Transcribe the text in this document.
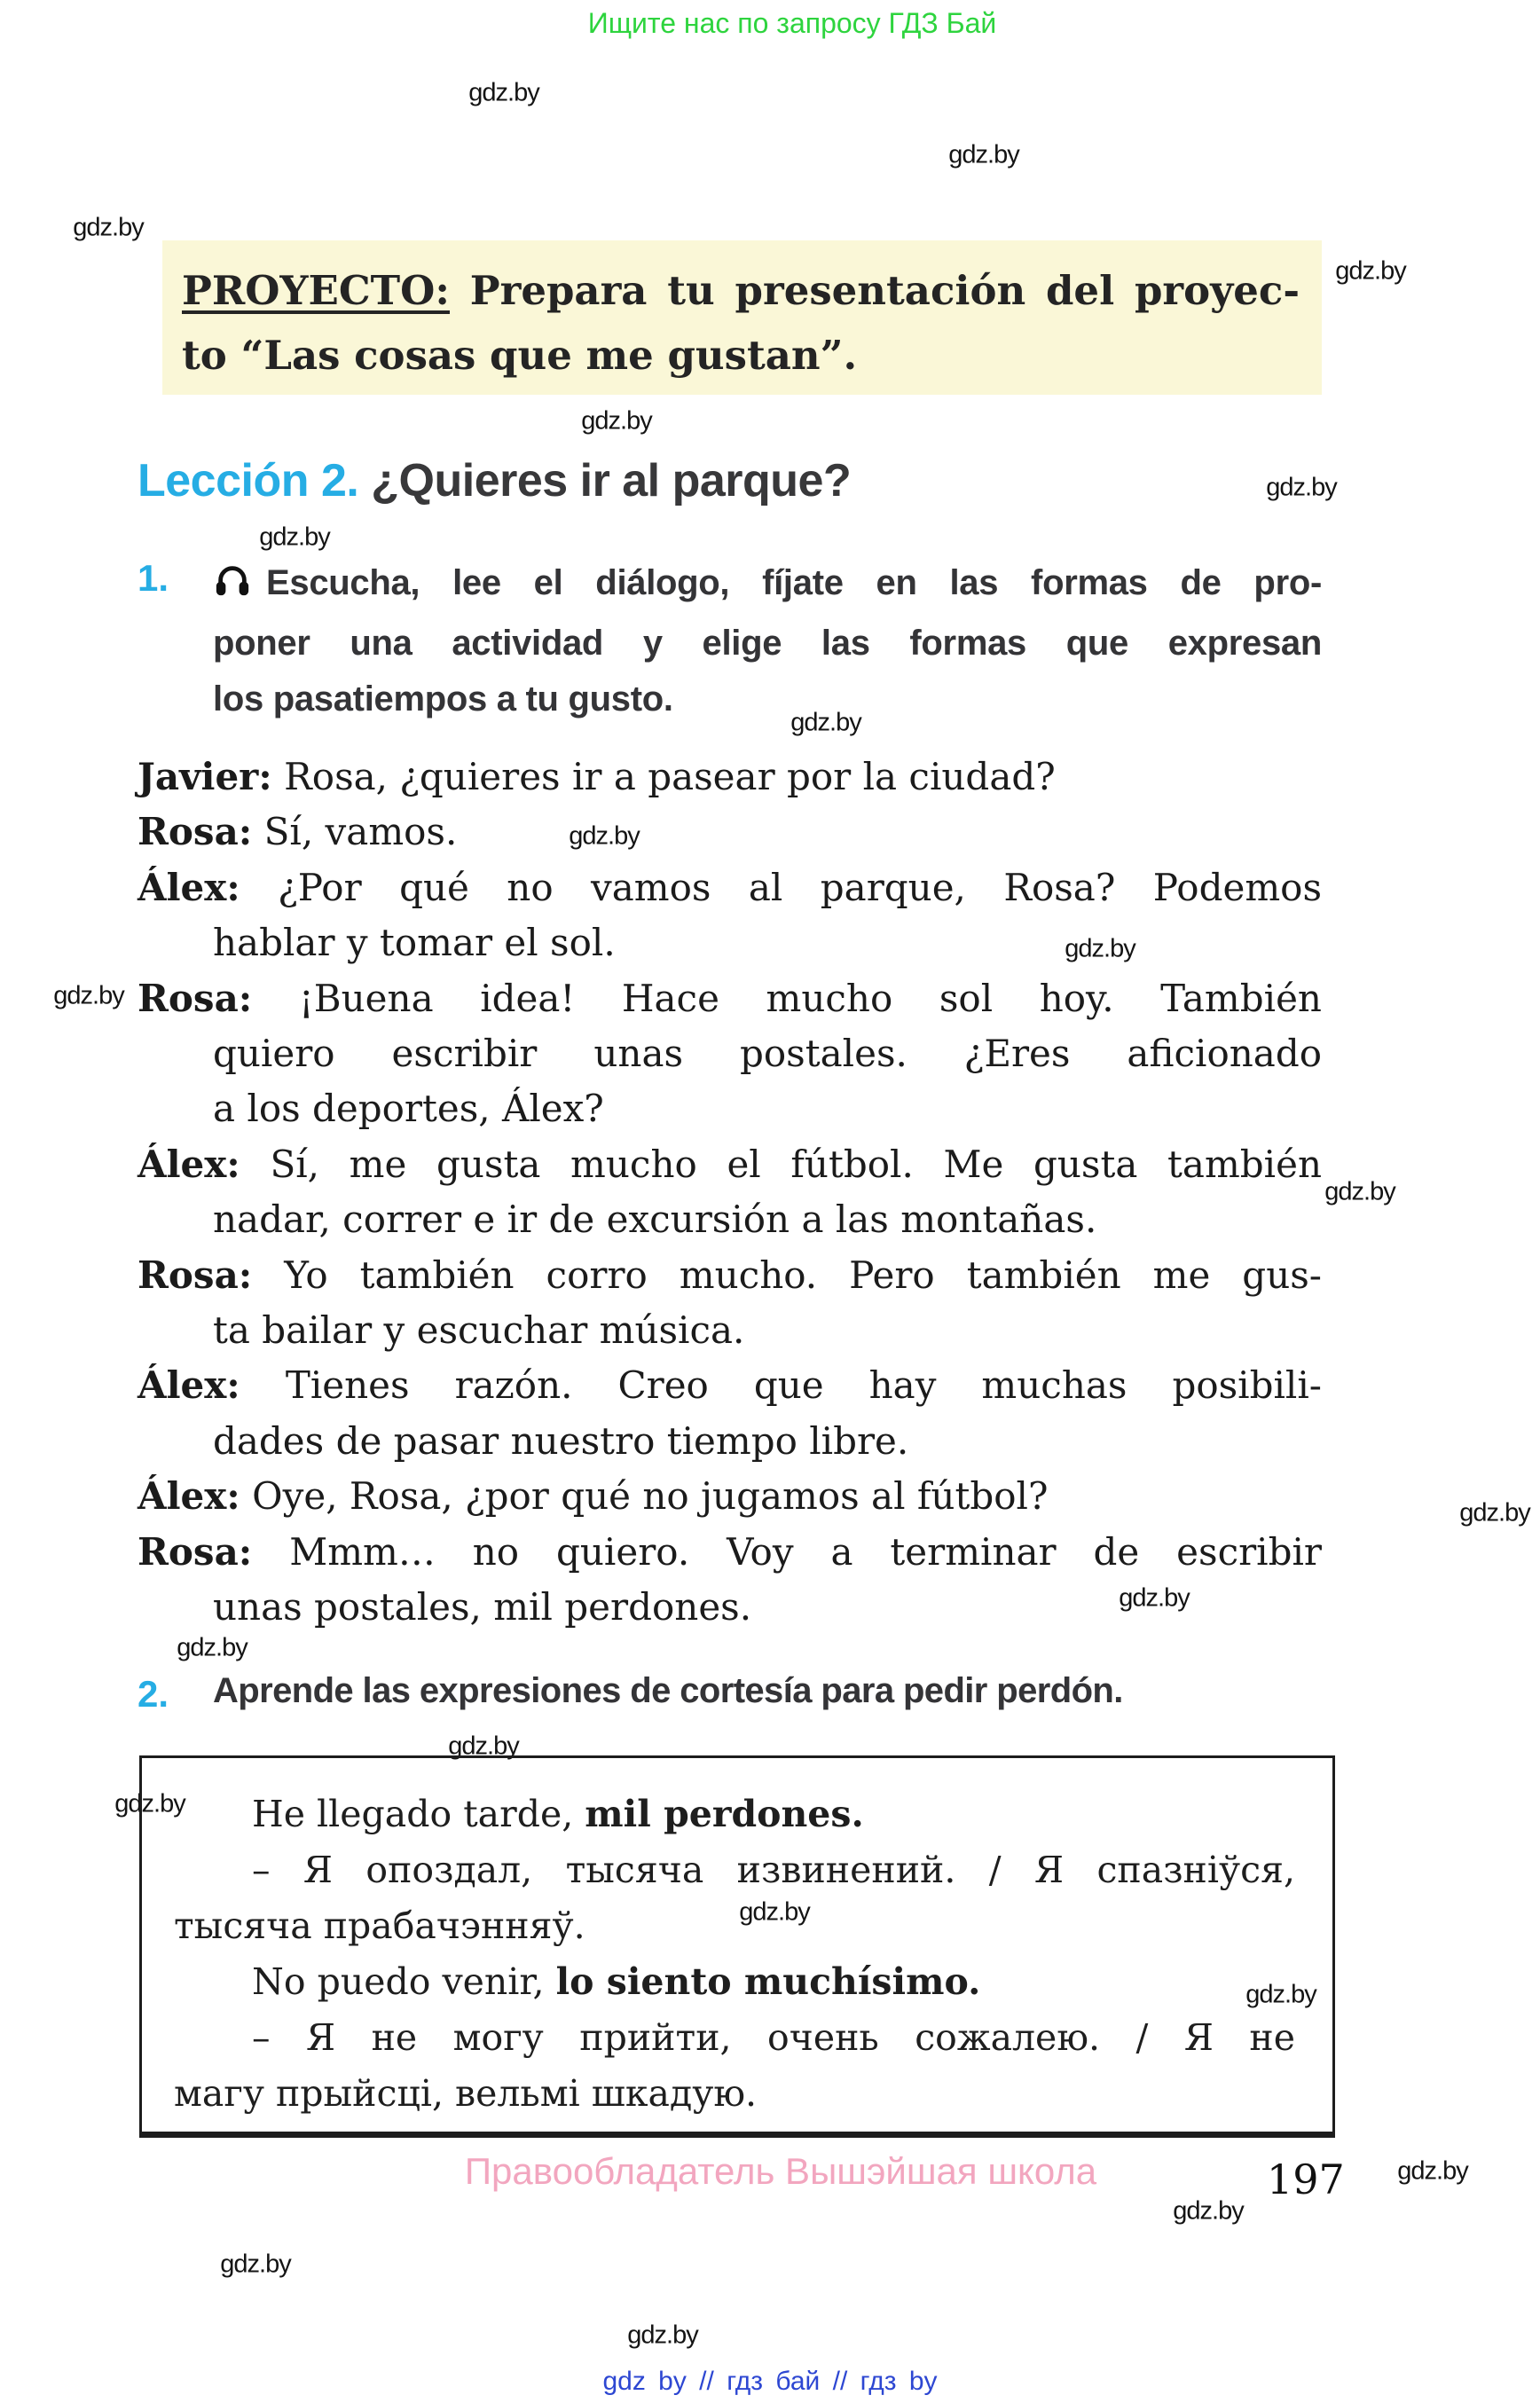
gdz.by
gdz.by
gdz.by
gdz.by
gdz.by
gdz.by
gdz.by
gdz.by
gdz.by
gdz.by
gdz.by
gdz.by
gdz.by
gdz.by
gdz.by
gdz.by
gdz.by
gdz.by
gdz.by
gdz.by
gdz.by
gdz.by
gdz.by
Ищите нас по запросу ГДЗ Бай
PROYECTO: Prepara tu presentación del proyec-
to “Las cosas que me gustan”.
Lección 2. ¿Quieres ir al parque?
1.	Escucha, lee el diálogo, fíjate en las formas de pro-
poner una actividad y elige las formas que expresan
los pasatiempos a tu gusto.
Javier: Rosa, ¿quieres ir a pasear por la ciudad?
Rosa: Sí, vamos.
Álex: ¿Por qué no vamos al parque, Rosa? Podemos
hablar y tomar el sol.
Rosa: ¡Buena idea! Hace mucho sol hoy. También
quiero escribir unas postales. ¿Eres aficionado
a los deportes, Álex?
Álex: Sí, me gusta mucho el fútbol. Me gusta también
nadar, correr e ir de excursión a las montañas.
Rosa: Yo también corro mucho. Pero también me gus-
ta bailar y escuchar música.
Álex: Tienes razón. Creo que hay muchas posibili-
dades de pasar nuestro tiempo libre.
Álex: Oye, Rosa, ¿por qué no jugamos al fútbol?
Rosa: Mmm… no quiero. Voy a terminar de escribir
unas postales, mil perdones.
2. Aprende las expresiones de cortesía para pedir perdón.
He llegado tarde, mil perdones.
– Я опоздал, тысяча извинений. / Я спазніўся,
тысяча прабачэнняў.
No puedo venir, lo siento muchísimo.
– Я не могу прийти, очень сожалею. / Я не
магу прыйсці, вельмі шкадую.
Правообладатель Вышэйшая школа	197
gdz by // гдз бай // гдз by
